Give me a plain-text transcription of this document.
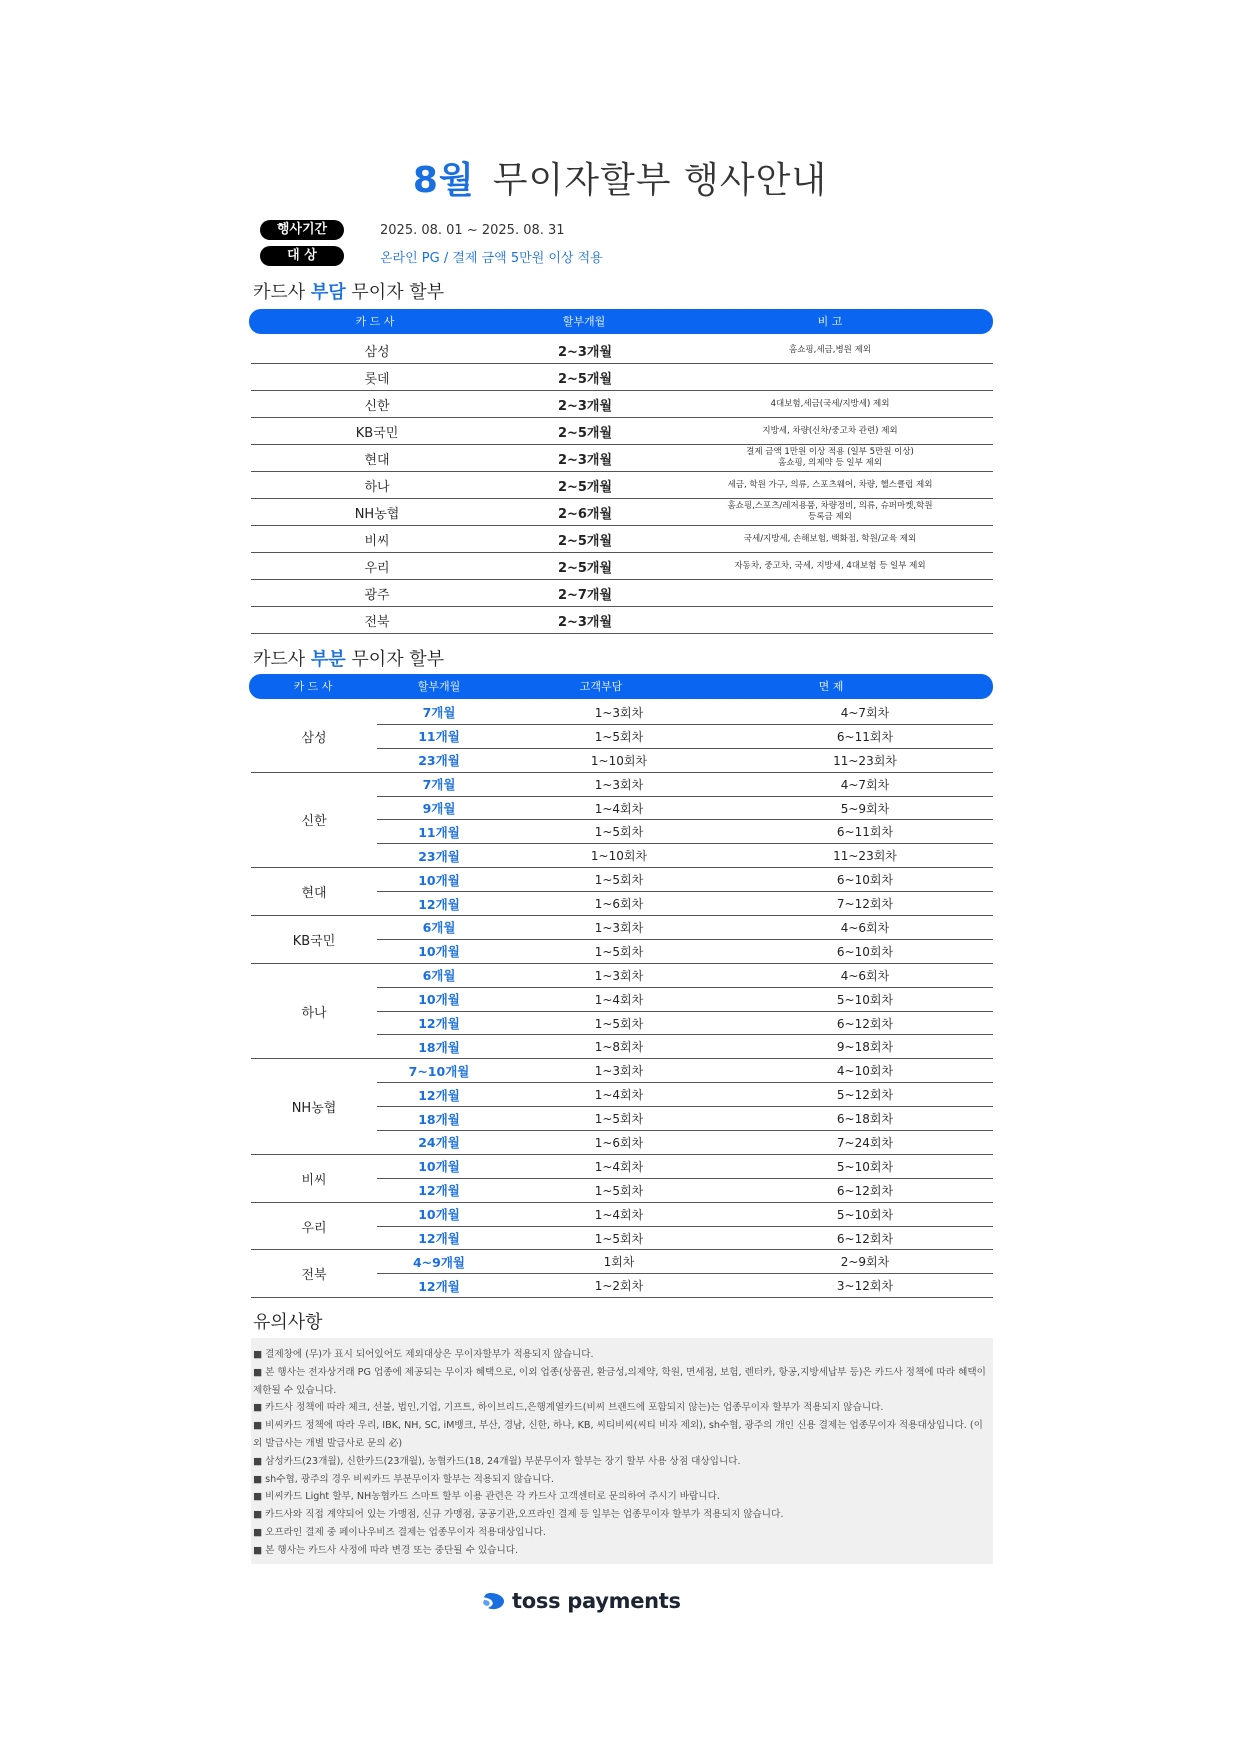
8월 무이자할부 행사안내
행사기간	2025. 08. 01 ~ 2025. 08. 31
대 상	온라인 PG / 결제 금액 5만원 이상 적용
카드사 부담 무이자 할부
카 드 사	할부개월	비 고
삼성	2~3개월	홈쇼핑,세금,병원 제외
롯데	2~5개월	
신한	2~3개월	4대보험,세금(국세/지방세) 제외
KB국민	2~5개월	지방세, 차량(신차/중고차 관련) 제외
현대	2~3개월	결제 금액 1만원 이상 적용 (일부 5만원 이상)
홈쇼핑, 의제약 등 일부 제외
하나	2~5개월	세금, 학원 가구, 의류, 스포츠웨어, 차량, 헬스클럽 제외
NH농협	2~6개월	홈쇼핑,스포츠/레저용품, 차량정비, 의류, 슈퍼마켓,학원
등록금 제외
비씨	2~5개월	국세/지방세, 손해보험, 백화점, 학원/교육 제외
우리	2~5개월	자동차, 중고차, 국세, 지방세, 4대보험 등 일부 제외
광주	2~7개월	
전북	2~3개월	
카드사 부분 무이자 할부
카 드 사	할부개월	고객부담	면 제
삼성	7개월	1~3회차	4~7회차
	11개월	1~5회차	6~11회차
	23개월	1~10회차	11~23회차
신한	7개월	1~3회차	4~7회차
	9개월	1~4회차	5~9회차
	11개월	1~5회차	6~11회차
	23개월	1~10회차	11~23회차
현대	10개월	1~5회차	6~10회차
	12개월	1~6회차	7~12회차
KB국민	6개월	1~3회차	4~6회차
	10개월	1~5회차	6~10회차
하나	6개월	1~3회차	4~6회차
	10개월	1~4회차	5~10회차
	12개월	1~5회차	6~12회차
	18개월	1~8회차	9~18회차
NH농협	7~10개월	1~3회차	4~10회차
	12개월	1~4회차	5~12회차
	18개월	1~5회차	6~18회차
	24개월	1~6회차	7~24회차
비씨	10개월	1~4회차	5~10회차
	12개월	1~5회차	6~12회차
우리	10개월	1~4회차	5~10회차
	12개월	1~5회차	6~12회차
전북	4~9개월	1회차	2~9회차
	12개월	1~2회차	3~12회차
유의사항
■ 결제창에 (무)가 표시 되어있어도 제외대상은 무이자할부가 적용되지 않습니다.
■ 본 행사는 전자상거래 PG 업종에 제공되는 무이자 혜택으로, 이외 업종(상품권, 환금성,의제약, 학원, 면세점, 보험, 렌터카, 항공,지방세납부 등)은 카드사 정책에 따라 혜택이 제한될 수 있습니다.
■ 카드사 정책에 따라 체크, 선불, 법인,기업, 기프트, 하이브리드,은행계열카드(비씨 브랜드에 포함되지 않는)는 업종무이자 할부가 적용되지 않습니다.
■ 비씨카드 정책에 따라 우리, IBK, NH, SC, iM뱅크, 부산, 경남, 신한, 하나, KB, 씨티비씨(씨티 비자 제외), sh수협, 광주의 개인 신용 결제는 업종무이자 적용대상입니다. (이외 발급사는 개별 발급사로 문의 必)
■ 삼성카드(23개월), 신한카드(23개월), 농협카드(18, 24개월) 부분무이자 할부는 장기 할부 사용 상점 대상입니다.
■ sh수협, 광주의 경우 비씨카드 부분무이자 할부는 적용되지 않습니다.
■ 비씨카드 Light 할부, NH농협카드 스마트 할부 이용 관련은 각 카드사 고객센터로 문의하여 주시기 바랍니다.
■ 카드사와 직접 계약되어 있는 가맹점, 신규 가맹점, 공공기관,오프라인 결제 등 일부는 업종무이자 할부가 적용되지 않습니다.
■ 오프라인 결제 중 페이나우비즈 결제는 업종무이자 적용대상입니다.
■ 본 행사는 카드사 사정에 따라 변경 또는 중단될 수 있습니다.
toss payments
